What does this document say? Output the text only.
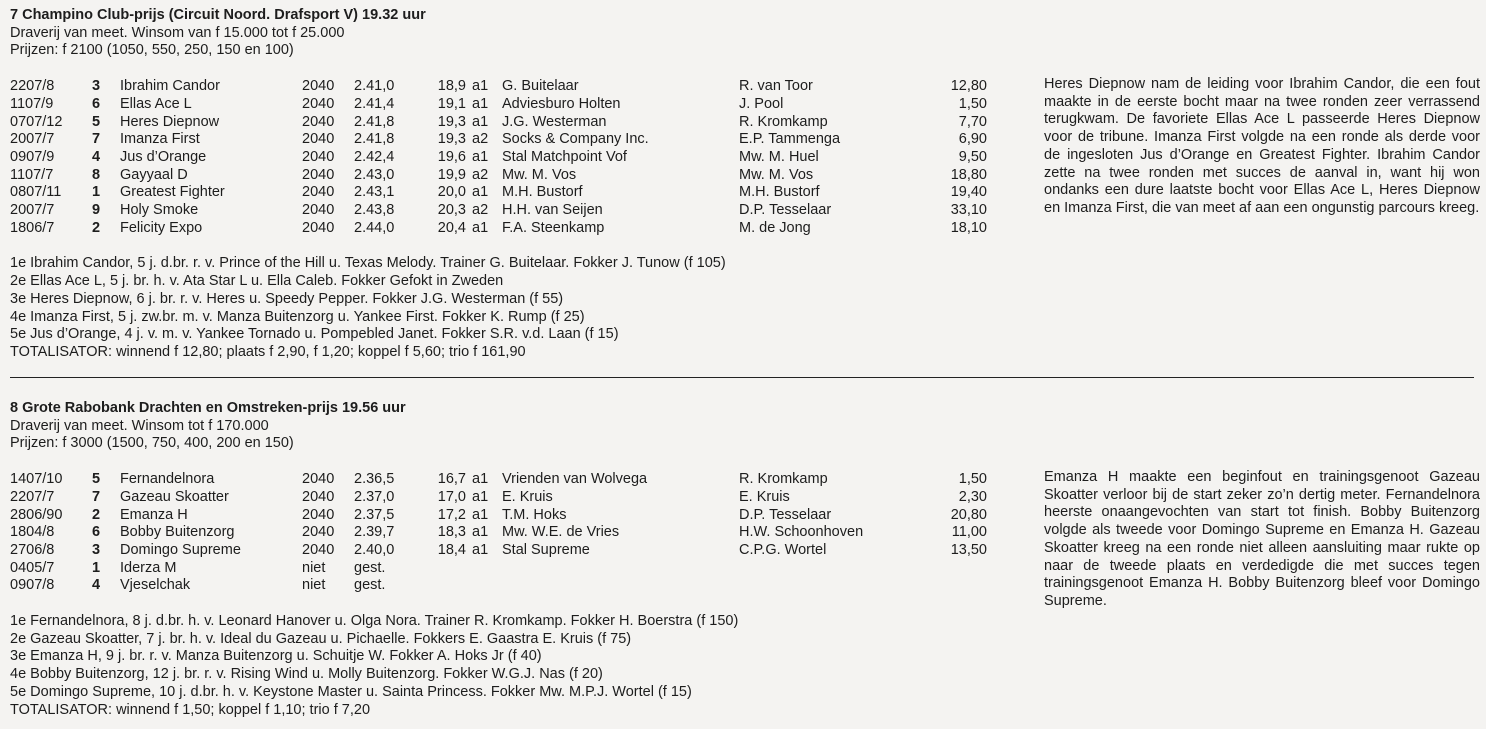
7 Champino Club-prijs (Circuit Noord. Drafsport V) 19.32 uur
Draverij van meet. Winsom van f 15.000 tot f 25.000
Prijzen: f 2100 (1050, 550, 250, 150 en 100)
2207/8	3	Ibrahim Candor	2040	2.41,0	18,9	a1	G. Buitelaar	R. van Toor	12,80
1107/9	6	Ellas Ace L	2040	2.41,4	19,1	a1	Adviesburo Holten	J. Pool	1,50
0707/12	5	Heres Diepnow	2040	2.41,8	19,3	a1	J.G. Westerman	R. Kromkamp	7,70
2007/7	7	Imanza First	2040	2.41,8	19,3	a2	Socks & Company Inc.	E.P. Tammenga	6,90
0907/9	4	Jus d’Orange	2040	2.42,4	19,6	a1	Stal Matchpoint Vof	Mw. M. Huel	9,50
1107/7	8	Gayyaal D	2040	2.43,0	19,9	a2	Mw. M. Vos	Mw. M. Vos	18,80
0807/11	1	Greatest Fighter	2040	2.43,1	20,0	a1	M.H. Bustorf	M.H. Bustorf	19,40
2007/7	9	Holy Smoke	2040	2.43,8	20,3	a2	H.H. van Seijen	D.P. Tesselaar	33,10
1806/7	2	Felicity Expo	2040	2.44,0	20,4	a1	F.A. Steenkamp	M. de Jong	18,10
1e Ibrahim Candor, 5 j. d.br. r. v. Prince of the Hill u. Texas Melody. Trainer G. Buitelaar. Fokker J. Tunow (f 105)
2e Ellas Ace L, 5 j. br. h. v. Ata Star L u. Ella Caleb. Fokker Gefokt in Zweden
3e Heres Diepnow, 6 j. br. r. v. Heres u. Speedy Pepper. Fokker J.G. Westerman (f 55)
4e Imanza First, 5 j. zw.br. m. v. Manza Buitenzorg u. Yankee First. Fokker K. Rump (f 25)
5e Jus d’Orange, 4 j. v. m. v. Yankee Tornado u. Pompebled Janet. Fokker S.R. v.d. Laan (f 15)
TOTALISATOR: winnend f 12,80; plaats f 2,90, f 1,20; koppel f 5,60; trio f 161,90
Heres Diepnow nam de leiding voor Ibrahim Candor, die een fout maakte in de eerste bocht maar na twee ronden zeer verrassend terugkwam. De favoriete Ellas Ace L passeerde Heres Diepnow voor de tribune. Imanza First volgde na een ronde als derde voor de ingesloten Jus d’Orange en Greatest Fighter. Ibrahim Candor zette na twee ronden met succes de aanval in, want hij won ondanks een dure laatste bocht voor Ellas Ace L, Heres Diepnow en Imanza First, die van meet af aan een ongunstig parcours kreeg.
8 Grote Rabobank Drachten en Omstreken-prijs 19.56 uur
Draverij van meet. Winsom tot f 170.000
Prijzen: f 3000 (1500, 750, 400, 200 en 150)
1407/10	5	Fernandelnora	2040	2.36,5	16,7	a1	Vrienden van Wolvega	R. Kromkamp	1,50
2207/7	7	Gazeau Skoatter	2040	2.37,0	17,0	a1	E. Kruis	E. Kruis	2,30
2806/90	2	Emanza H	2040	2.37,5	17,2	a1	T.M. Hoks	D.P. Tesselaar	20,80
1804/8	6	Bobby Buitenzorg	2040	2.39,7	18,3	a1	Mw. W.E. de Vries	H.W. Schoonhoven	11,00
2706/8	3	Domingo Supreme	2040	2.40,0	18,4	a1	Stal Supreme	C.P.G. Wortel	13,50
0405/7	1	Iderza M	niet	gest.					
0907/8	4	Vjeselchak	niet	gest.					
1e Fernandelnora, 8 j. d.br. h. v. Leonard Hanover u. Olga Nora. Trainer R. Kromkamp. Fokker H. Boerstra (f 150)
2e Gazeau Skoatter, 7 j. br. h. v. Ideal du Gazeau u. Pichaelle. Fokkers E. Gaastra E. Kruis (f 75)
3e Emanza H, 9 j. br. r. v. Manza Buitenzorg u. Schuitje W. Fokker A. Hoks Jr (f 40)
4e Bobby Buitenzorg, 12 j. br. r. v. Rising Wind u. Molly Buitenzorg. Fokker W.G.J. Nas (f 20)
5e Domingo Supreme, 10 j. d.br. h. v. Keystone Master u. Sainta Princess. Fokker Mw. M.P.J. Wortel (f 15)
TOTALISATOR: winnend f 1,50; koppel f 1,10; trio f 7,20
Emanza H maakte een beginfout en trainingsgenoot Gazeau Skoatter verloor bij de start zeker zo’n dertig meter. Fernandelnora heerste onaangevochten van start tot finish. Bobby Buitenzorg volgde als tweede voor Domingo Supreme en Emanza H. Gazeau Skoatter kreeg na een ronde niet alleen aansluiting maar rukte op naar de tweede plaats en verdedigde die met succes tegen trainingsgenoot Emanza H. Bobby Buitenzorg bleef voor Domingo Supreme.
